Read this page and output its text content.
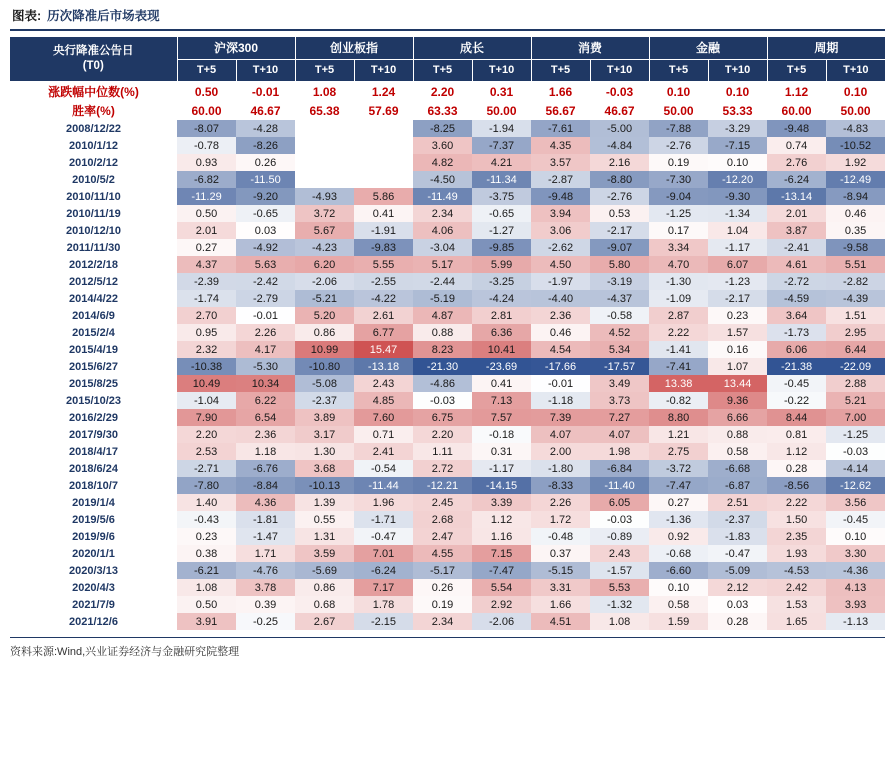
图表: 历次降准后市场表现
央行降准公告日
(T0)	沪深300		创业板指		成长		消费		金融		周期	
	T+5	T+10	T+5	T+10	T+5	T+10	T+5	T+10	T+5	T+10	T+5	T+10
涨跌幅中位数(%)	0.50	-0.01	1.08	1.24	2.20	0.31	1.66	-0.03	0.10	0.10	1.12	0.10
胜率(%)	60.00	46.67	65.38	57.69	63.33	50.00	56.67	46.67	50.00	53.33	60.00	50.00
2008/12/22	-8.07	-4.28			-8.25	-1.94	-7.61	-5.00	-7.88	-3.29	-9.48	-4.83
2010/1/12	-0.78	-8.26			3.60	-7.37	4.35	-4.84	-2.76	-7.15	0.74	-10.52
2010/2/12	0.93	0.26			4.82	4.21	3.57	2.16	0.19	0.10	2.76	1.92
2010/5/2	-6.82	-11.50			-4.50	-11.34	-2.87	-8.80	-7.30	-12.20	-6.24	-12.49
2010/11/10	-11.29	-9.20	-4.93	5.86	-11.49	-3.75	-9.48	-2.76	-9.04	-9.30	-13.14	-8.94
2010/11/19	0.50	-0.65	3.72	0.41	2.34	-0.65	3.94	0.53	-1.25	-1.34	2.01	0.46
2010/12/10	2.01	0.03	5.67	-1.91	4.06	-1.27	3.06	-2.17	0.17	1.04	3.87	0.35
2011/11/30	0.27	-4.92	-4.23	-9.83	-3.04	-9.85	-2.62	-9.07	3.34	-1.17	-2.41	-9.58
2012/2/18	4.37	5.63	6.20	5.55	5.17	5.99	4.50	5.80	4.70	6.07	4.61	5.51
2012/5/12	-2.39	-2.42	-2.06	-2.55	-2.44	-3.25	-1.97	-3.19	-1.30	-1.23	-2.72	-2.82
2014/4/22	-1.74	-2.79	-5.21	-4.22	-5.19	-4.24	-4.40	-4.37	-1.09	-2.17	-4.59	-4.39
2014/6/9	2.70	-0.01	5.20	2.61	4.87	2.81	2.36	-0.58	2.87	0.23	3.64	1.51
2015/2/4	0.95	2.26	0.86	6.77	0.88	6.36	0.46	4.52	2.22	1.57	-1.73	2.95
2015/4/19	2.32	4.17	10.99	15.47	8.23	10.41	4.54	5.34	-1.41	0.16	6.06	6.44
2015/6/27	-10.38	-5.30	-10.80	-13.18	-21.30	-23.69	-17.66	-17.57	-7.41	1.07	-21.38	-22.09
2015/8/25	10.49	10.34	-5.08	2.43	-4.86	0.41	-0.01	3.49	13.38	13.44	-0.45	2.88
2015/10/23	-1.04	6.22	-2.37	4.85	-0.03	7.13	-1.18	3.73	-0.82	9.36	-0.22	5.21
2016/2/29	7.90	6.54	3.89	7.60	6.75	7.57	7.39	7.27	8.80	6.66	8.44	7.00
2017/9/30	2.20	2.36	3.17	0.71	2.20	-0.18	4.07	4.07	1.21	0.88	0.81	-1.25
2018/4/17	2.53	1.18	1.30	2.41	1.11	0.31	2.00	1.98	2.75	0.58	1.12	-0.03
2018/6/24	-2.71	-6.76	3.68	-0.54	2.72	-1.17	-1.80	-6.84	-3.72	-6.68	0.28	-4.14
2018/10/7	-7.80	-8.84	-10.13	-11.44	-12.21	-14.15	-8.33	-11.40	-7.47	-6.87	-8.56	-12.62
2019/1/4	1.40	4.36	1.39	1.96	2.45	3.39	2.26	6.05	0.27	2.51	2.22	3.56
2019/5/6	-0.43	-1.81	0.55	-1.71	2.68	1.12	1.72	-0.03	-1.36	-2.37	1.50	-0.45
2019/9/6	0.23	-1.47	1.31	-0.47	2.47	1.16	-0.48	-0.89	0.92	-1.83	2.35	0.10
2020/1/1	0.38	1.71	3.59	7.01	4.55	7.15	0.37	2.43	-0.68	-0.47	1.93	3.30
2020/3/13	-6.21	-4.76	-5.69	-6.24	-5.17	-7.47	-5.15	-1.57	-6.60	-5.09	-4.53	-4.36
2020/4/3	1.08	3.78	0.86	7.17	0.26	5.54	3.31	5.53	0.10	2.12	2.42	4.13
2021/7/9	0.50	0.39	0.68	1.78	0.19	2.92	1.66	-1.32	0.58	0.03	1.53	3.93
2021/12/6	3.91	-0.25	2.67	-2.15	2.34	-2.06	4.51	1.08	1.59	0.28	1.65	-1.13
资料来源:Wind,兴业证券经济与金融研究院整理
